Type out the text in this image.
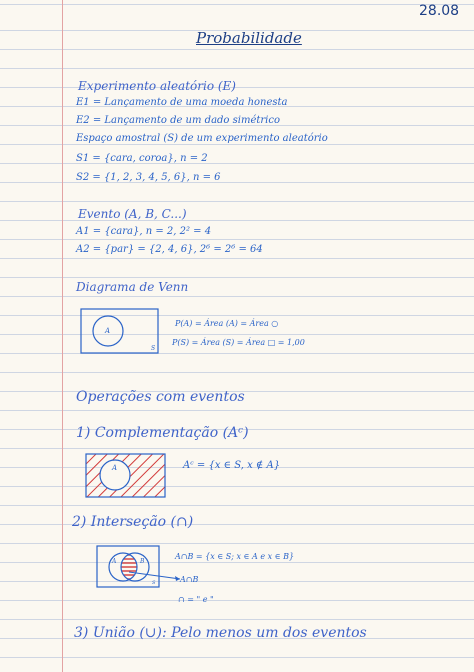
28.08
Probabilidade
Experimento aleatório (E)
E1 = Lançamento de uma moeda honesta
E2 = Lançamento de um dado simétrico
Espaço amostral (S) de um experimento aleatório
S1 = {cara, coroa}, n = 2
S2 = {1, 2, 3, 4, 5, 6}, n = 6
Evento (A, B, C...)
A1 = {cara}, n = 2, 2² = 4
A2 = {par} = {2, 4, 6}, 2⁶ = 2⁶ = 64
Diagrama de Venn
A
S
P(A) = Área (A) = Área ○
P(S) = Área (S) = Área □ = 1,00
Operações com eventos
1) Complementação (Aᶜ)
A	Aᶜ = {x ∈ S, x ∉ A}
2) Interseção (∩)
A	B
S
A∩B = {x ∈ S; x ∈ A e x ∈ B}
A∩B
∩ = " e "
3) União (∪): Pelo menos um dos eventos
